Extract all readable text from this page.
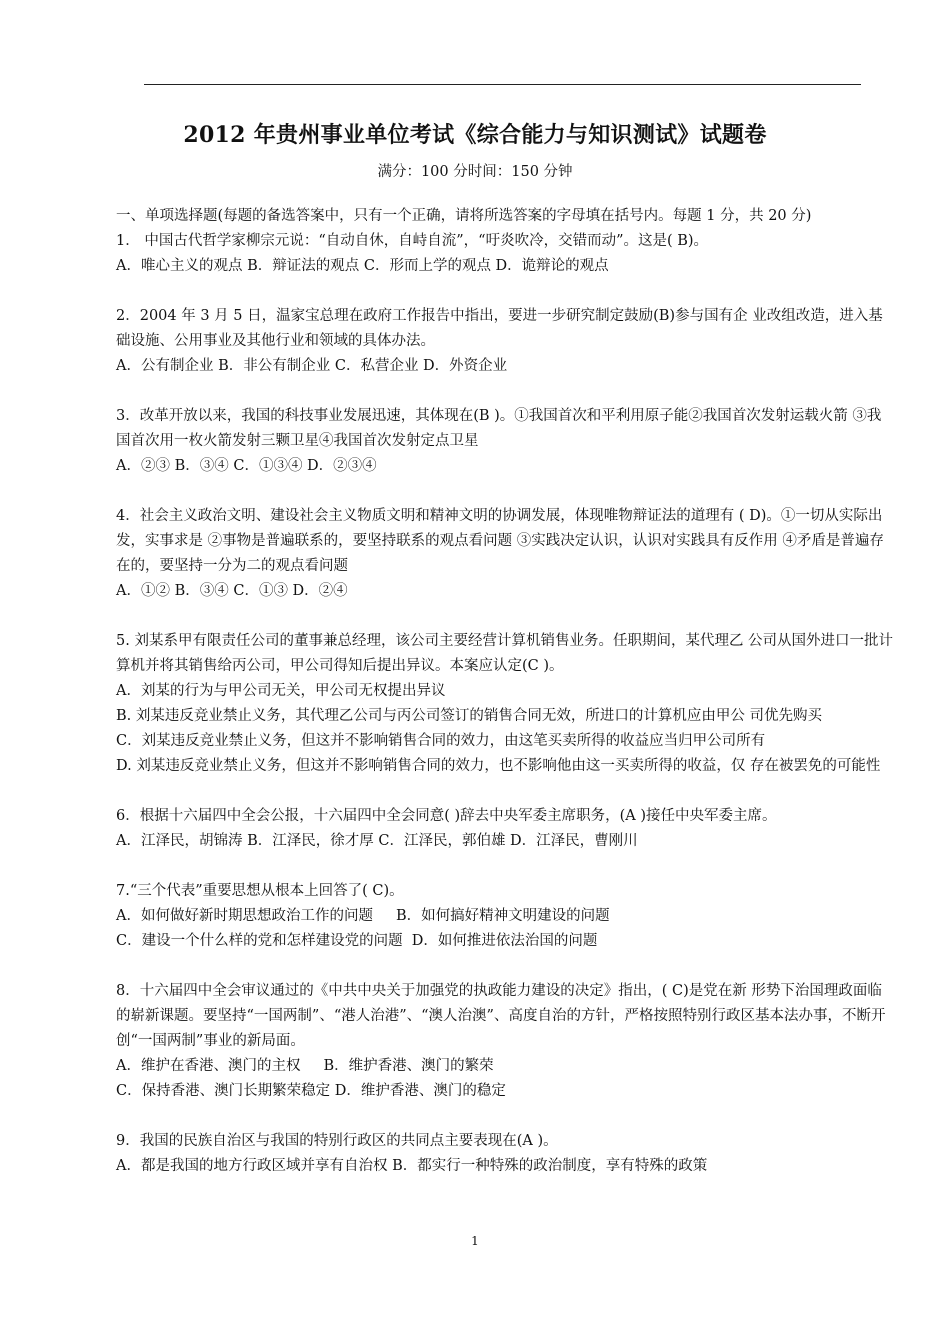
2012 年贵州事业单位考试《综合能力与知识测试》试题卷
满分：100 分时间：150 分钟

一、单项选择题(每题的备选答案中，只有一个正确，请将所选答案的字母填在括号内。每题 1 分，共 20 分)

1． 中国古代哲学家柳宗元说：“自动自休，自峙自流”，“吁炎吹冷，交错而动”。这是( B)。

A．唯心主义的观点 B．辩证法的观点 C．形而上学的观点 D．诡辩论的观点

2．2004 年 3 月 5 日，温家宝总理在政府工作报告中指出，要进一步研究制定鼓励(B)参与国有企 业改组改造，进入基础设施、公用事业及其他行业和领域的具体办法。

A．公有制企业 B．非公有制企业 C．私营企业 D．外资企业

3．改革开放以来，我国的科技事业发展迅速，其体现在(B )。①我国首次和平利用原子能②我国首次发射运载火箭 ③我国首次用一枚火箭发射三颗卫星④我国首次发射定点卫星

A．②③ B．③④ C．①③④ D．②③④

4．社会主义政治文明、建设社会主义物质文明和精神文明的协调发展，体现唯物辩证法的道理有 ( D)。①一切从实际出发，实事求是 ②事物是普遍联系的，要坚持联系的观点看问题 ③实践决定认识，认识对实践具有反作用 ④矛盾是普遍存在的，要坚持一分为二的观点看问题

A．①② B．③④ C．①③ D．②④

5. 刘某系甲有限责任公司的董事兼总经理，该公司主要经营计算机销售业务。任职期间，某代理乙 公司从国外进口一批计算机并将其销售给丙公司，甲公司得知后提出异议。本案应认定(C )。

A．刘某的行为与甲公司无关，甲公司无权提出异议

B. 刘某违反竞业禁止义务，其代理乙公司与丙公司签订的销售合同无效，所进口的计算机应由甲公 司优先购买

C．刘某违反竞业禁止义务，但这并不影响销售合同的效力，由这笔买卖所得的收益应当归甲公司所有

D. 刘某违反竞业禁止义务，但这并不影响销售合同的效力，也不影响他由这一买卖所得的收益，仅 存在被罢免的可能性

6．根据十六届四中全会公报，十六届四中全会同意( )辞去中央军委主席职务，(A )接任中央军委主席。

A．江泽民，胡锦涛 B．江泽民，徐才厚 C．江泽民，郭伯雄 D．江泽民，曹刚川

7.“三个代表”重要思想从根本上回答了( C)。

A．如何做好新时期思想政治工作的问题     B．如何搞好精神文明建设的问题

C．建设一个什么样的党和怎样建设党的问题  D．如何推进依法治国的问题

8．十六届四中全会审议通过的《中共中央关于加强党的执政能力建设的决定》指出，( C)是党在新 形势下治国理政面临的崭新课题。要坚持“一国两制”、“港人治港”、“澳人治澳”、高度自治的方针，严格按照特别行政区基本法办事，不断开创“一国两制”事业的新局面。

A．维护在香港、澳门的主权     B．维护香港、澳门的繁荣

C．保持香港、澳门长期繁荣稳定 D．维护香港、澳门的稳定

9．我国的民族自治区与我国的特别行政区的共同点主要表现在(A )。

A．都是我国的地方行政区域并享有自治权 B．都实行一种特殊的政治制度，享有特殊的政策

1
